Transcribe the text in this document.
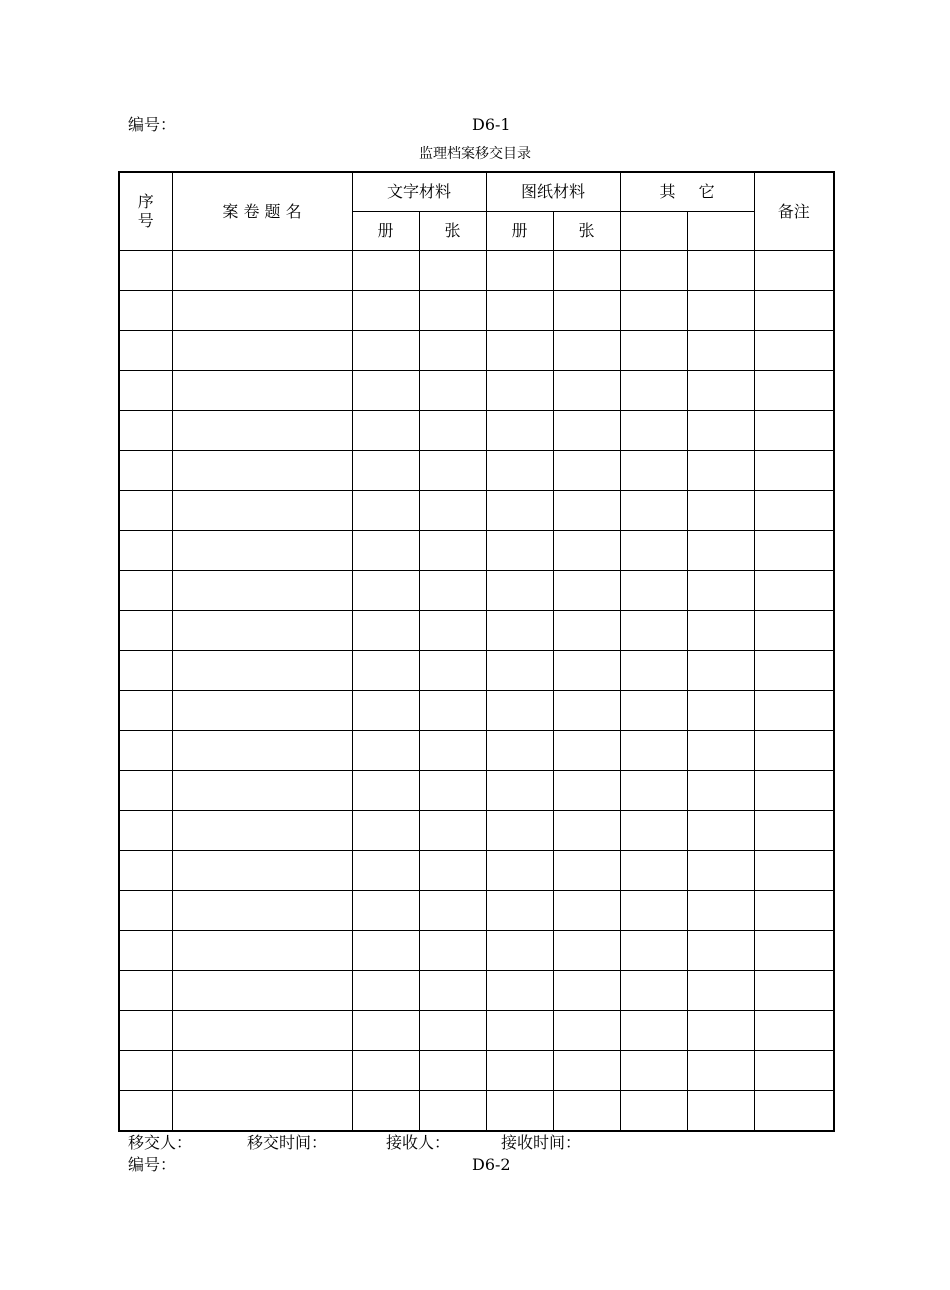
编号：	D6-1
监理档案移交目录
序号	案 卷 题 名	文字材料		图纸材料		其 它		备注
		册	张	册	张			

移交人：	移交时间：	接收人：	接收时间：
编号：	D6-2
